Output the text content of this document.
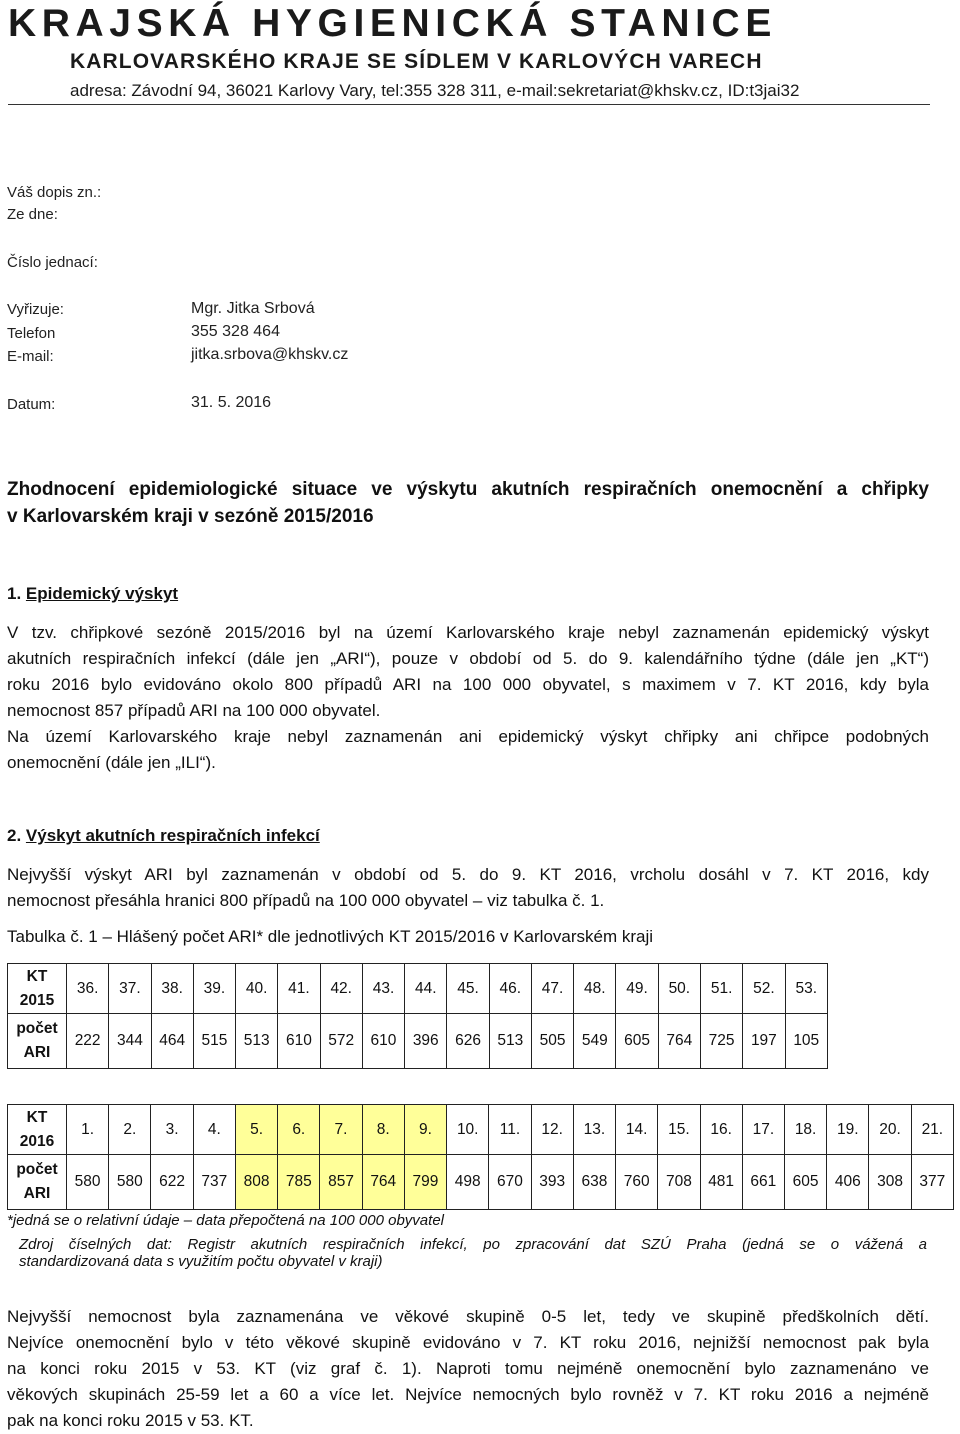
KRAJSKÁ HYGIENICKÁ STANICE
KARLOVARSKÉHO KRAJE SE SÍDLEM V KARLOVÝCH VARECH
adresa: Závodní 94, 36021 Karlovy Vary, tel:355 328 311, e-mail:sekretariat@khskv.cz, ID:t3jai32
Váš dopis zn.:
Ze dne:
Číslo jednací:
Vyřizuje:	Mgr. Jitka Srbová
Telefon	355 328 464
E-mail:	jitka.srbova@khskv.cz
Datum:	31. 5. 2016
Zhodnocení epidemiologické situace ve výskytu akutních respiračních onemocnění a chřipky
v Karlovarském kraji v sezóně 2015/2016
1. Epidemický výskyt
V tzv. chřipkové sezóně 2015/2016 byl na území Karlovarského kraje nebyl zaznamenán epidemický výskyt
akutních respiračních infekcí (dále jen „ARI“), pouze v období od 5. do 9. kalendářního týdne (dále jen „KT“)
roku 2016 bylo evidováno okolo 800 případů ARI na 100 000 obyvatel, s maximem v 7. KT 2016, kdy byla
nemocnost 857 případů ARI na 100 000 obyvatel.
Na území Karlovarského kraje nebyl zaznamenán ani epidemický výskyt chřipky ani chřipce podobných
onemocnění (dále jen „ILI“).
2. Výskyt akutních respiračních infekcí
Nejvyšší výskyt ARI byl zaznamenán v období od 5. do 9. KT 2016, vrcholu dosáhl v 7. KT 2016, kdy
nemocnost přesáhla hranici 800 případů na 100 000 obyvatel – viz tabulka č. 1.
Tabulka č. 1 – Hlášený počet ARI* dle jednotlivých KT 2015/2016 v Karlovarském kraji
KT
2015	36.	37.	38.	39.	40.	41.	42.	43.	44.	45.	46.	47.	48.	49.	50.	51.	52.	53.
počet
ARI	222	344	464	515	513	610	572	610	396	626	513	505	549	605	764	725	197	105
KT
2016	1.	2.	3.	4.	5.	6.	7.	8.	9.	10.	11.	12.	13.	14.	15.	16.	17.	18.	19.	20.	21.
počet
ARI	580	580	622	737	808	785	857	764	799	498	670	393	638	760	708	481	661	605	406	308	377
*jedná se o relativní údaje – data přepočtená na 100 000 obyvatel
Zdroj číselných dat: Registr akutních respiračních infekcí, po zpracování dat SZÚ Praha (jedná se o vážená a
standardizovaná data s využitím počtu obyvatel v kraji)
Nejvyšší nemocnost byla zaznamenána ve věkové skupině 0-5 let, tedy ve skupině předškolních dětí.
Nejvíce onemocnění bylo v této věkové skupině evidováno v 7. KT roku 2016, nejnižší nemocnost pak byla
na konci roku 2015 v 53. KT (viz graf č. 1). Naproti tomu nejméně onemocnění bylo zaznamenáno ve
věkových skupinách 25-59 let a 60 a více let. Nejvíce nemocných bylo rovněž v 7. KT roku 2016 a nejméně
pak na konci roku 2015 v 53. KT.
